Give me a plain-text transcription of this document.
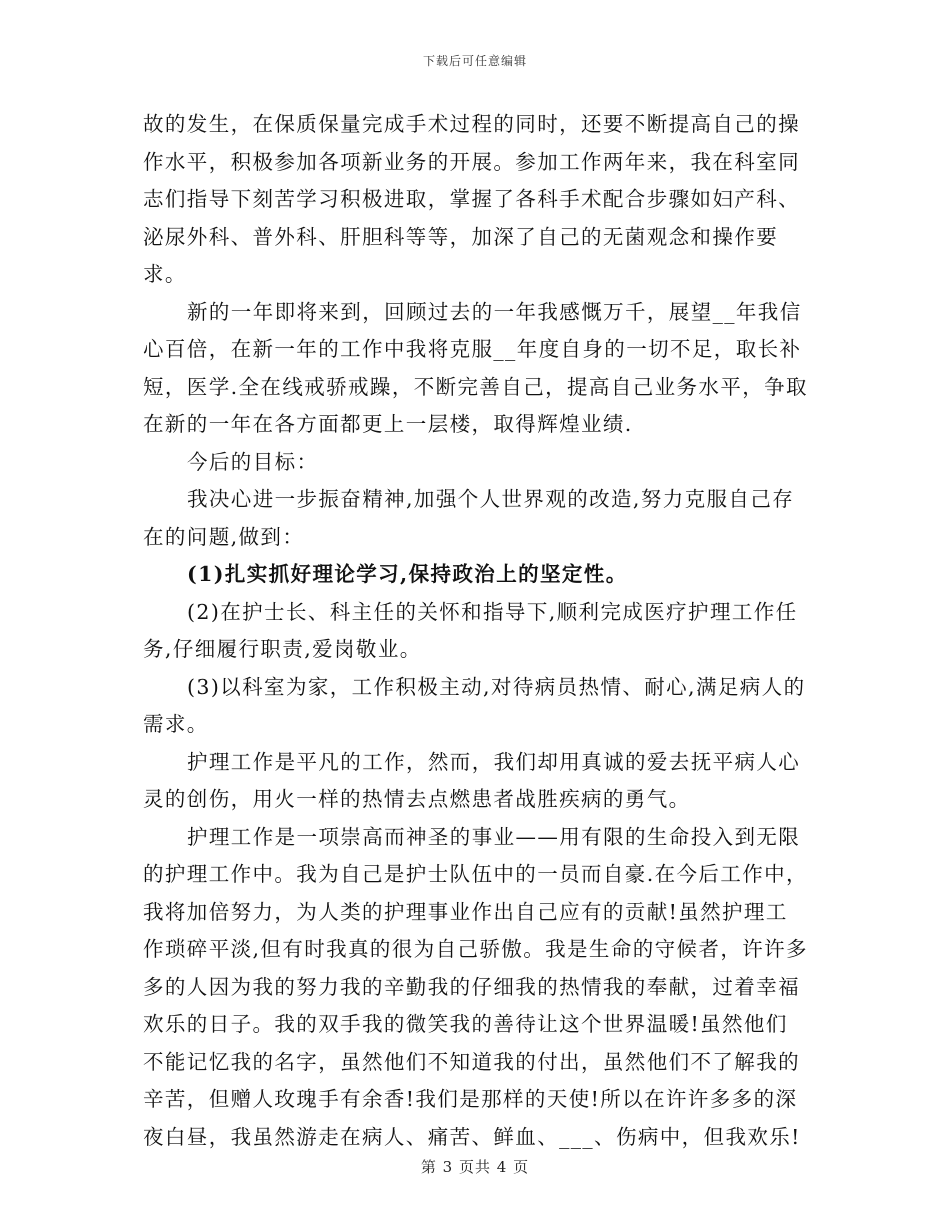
下载后可任意编辑

故的发生，在保质保量完成手术过程的同时，还要不断提高自己的操作水平，积极参加各项新业务的开展。参加工作两年来，我在科室同志们指导下刻苦学习积极进取，掌握了各科手术配合步骤如妇产科、泌尿外科、普外科、肝胆科等等，加深了自己的无菌观念和操作要求。

新的一年即将来到，回顾过去的一年我感慨万千，展望__年我信心百倍，在新一年的工作中我将克服__年度自身的一切不足，取长补短，医学.全在线戒骄戒躁，不断完善自己，提高自己业务水平，争取在新的一年在各方面都更上一层楼，取得辉煌业绩.

今后的目标：

我决心进一步振奋精神,加强个人世界观的改造,努力克服自己存在的问题,做到：

(1)扎实抓好理论学习,保持政治上的坚定性。

(2)在护士长、科主任的关怀和指导下,顺利完成医疗护理工作任务,仔细履行职责,爱岗敬业。

(3)以科室为家，工作积极主动,对待病员热情、耐心,满足病人的需求。

护理工作是平凡的工作，然而，我们却用真诚的爱去抚平病人心灵的创伤，用火一样的热情去点燃患者战胜疾病的勇气。

护理工作是一项崇高而神圣的事业——用有限的生命投入到无限的护理工作中。我为自己是护士队伍中的一员而自豪.在今后工作中，我将加倍努力，为人类的护理事业作出自己应有的贡献!虽然护理工作琐碎平淡,但有时我真的很为自己骄傲。我是生命的守候者，许许多多的人因为我的努力我的辛勤我的仔细我的热情我的奉献，过着幸福欢乐的日子。我的双手我的微笑我的善待让这个世界温暖!虽然他们不能记忆我的名字，虽然他们不知道我的付出，虽然他们不了解我的辛苦，但赠人玫瑰手有余香!我们是那样的天使!所以在许许多多的深夜白昼，我虽然游走在病人、痛苦、鲜血、___、伤病中，但我欢乐!

第 3 页共 4 页
